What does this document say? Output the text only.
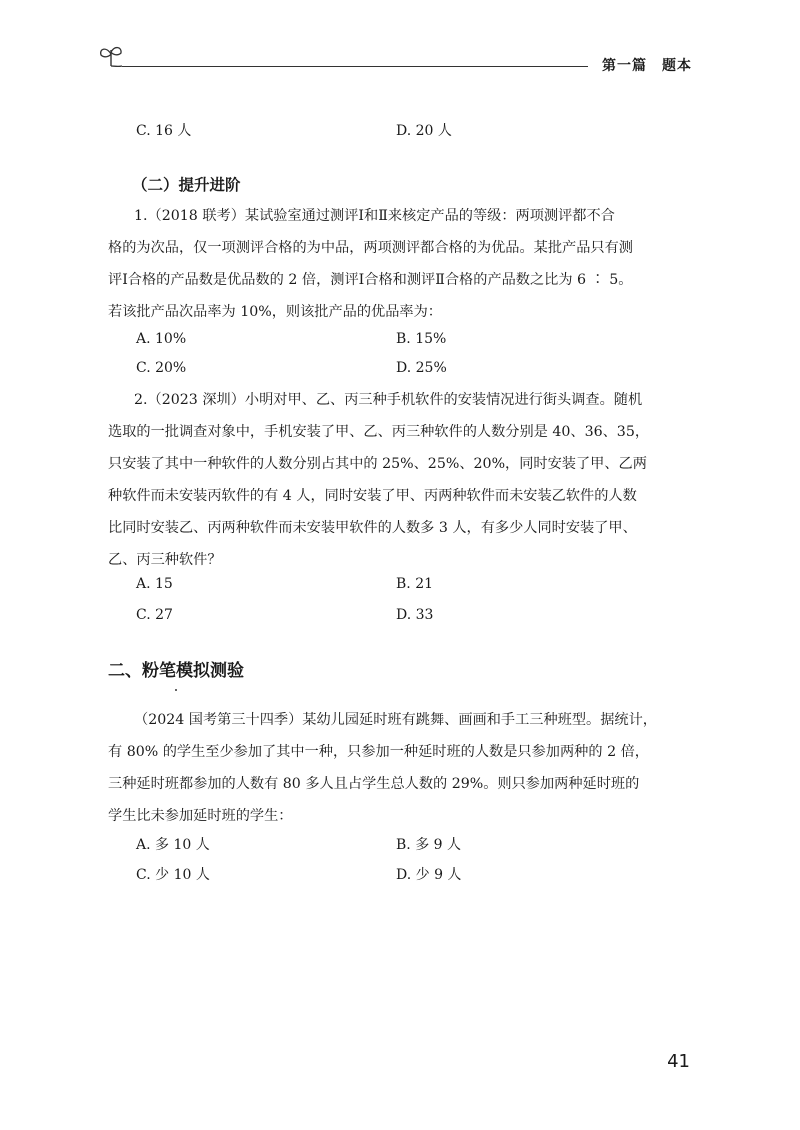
第一篇　题本
C. 16 人	D. 20 人
（二）提升进阶
1.（2018 联考）某试验室通过测评Ⅰ和Ⅱ来核定产品的等级：两项测评都不合
格的为次品，仅一项测评合格的为中品，两项测评都合格的为优品。某批产品只有测
评Ⅰ合格的产品数是优品数的 2 倍，测评Ⅰ合格和测评Ⅱ合格的产品数之比为 6 ∶ 5。
若该批产品次品率为 10%，则该批产品的优品率为：
A. 10%	B. 15%
C. 20%	D. 25%
2.（2023 深圳）小明对甲、乙、丙三种手机软件的安装情况进行街头调查。随机
选取的一批调查对象中，手机安装了甲、乙、丙三种软件的人数分别是 40、36、35，
只安装了其中一种软件的人数分别占其中的 25%、25%、20%，同时安装了甲、乙两
种软件而未安装丙软件的有 4 人，同时安装了甲、丙两种软件而未安装乙软件的人数
比同时安装乙、丙两种软件而未安装甲软件的人数多 3 人，有多少人同时安装了甲、
乙、丙三种软件？
A. 15	B. 21
C. 27	D. 33
二、粉笔模拟测验
（2024 国考第三十四季）某幼儿园延时班有跳舞、画画和手工三种班型。据统计，
有 80% 的学生至少参加了其中一种，只参加一种延时班的人数是只参加两种的 2 倍，
三种延时班都参加的人数有 80 多人且占学生总人数的 29%。则只参加两种延时班的
学生比未参加延时班的学生：
A. 多 10 人	B. 多 9 人
C. 少 10 人	D. 少 9 人
41
